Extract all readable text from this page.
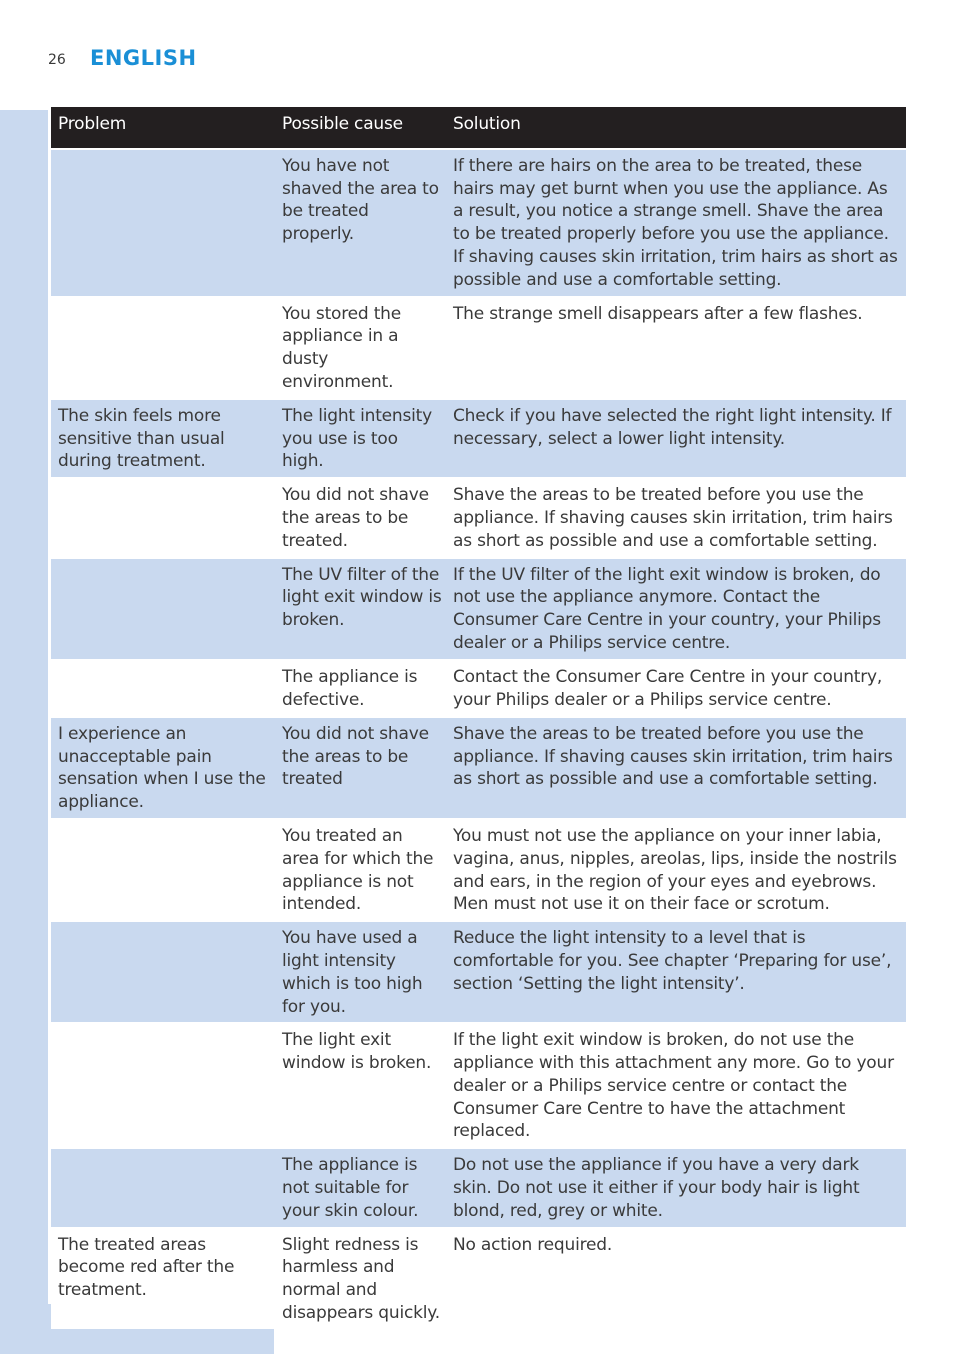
26 ENGLISH
Problem	Possible cause	Solution
	You have not shaved the area to be treated properly.	If there are hairs on the area to be treated, these hairs may get burnt when you use the appliance. As a result, you notice a strange smell. Shave the area to be treated properly before you use the appliance. If shaving causes skin irritation, trim hairs as short as possible and use a comfortable setting.
	You stored the appliance in a dusty environment.	The strange smell disappears after a few flashes.
The skin feels more sensitive than usual during treatment.	The light intensity you use is too high.	Check if you have selected the right light intensity. If necessary, select a lower light intensity.
	You did not shave the areas to be treated.	Shave the areas to be treated before you use the appliance. If shaving causes skin irritation, trim hairs as short as possible and use a comfortable setting.
	The UV filter of the light exit window is broken.	If the UV filter of the light exit window is broken, do not use the appliance anymore. Contact the Consumer Care Centre in your country, your Philips dealer or a Philips service centre.
	The appliance is defective.	Contact the Consumer Care Centre in your country, your Philips dealer or a Philips service centre.
I experience an unacceptable pain sensation when I use the appliance.	You did not shave the areas to be treated	Shave the areas to be treated before you use the appliance. If shaving causes skin irritation, trim hairs as short as possible and use a comfortable setting.
	You treated an area for which the appliance is not intended.	You must not use the appliance on your inner labia, vagina, anus, nipples, areolas, lips, inside the nostrils and ears, in the region of your eyes and eyebrows. Men must not use it on their face or scrotum.
	You have used a light intensity which is too high for you.	Reduce the light intensity to a level that is comfortable for you. See chapter ‘Preparing for use’, section ‘Setting the light intensity’.
	The light exit window is broken.	If the light exit window is broken, do not use the appliance with this attachment any more. Go to your dealer or a Philips service centre or contact the Consumer Care Centre to have the attachment replaced.
	The appliance is not suitable for your skin colour.	Do not use the appliance if you have a very dark skin. Do not use it either if your body hair is light blond, red, grey or white.
The treated areas become red after the treatment.	Slight redness is harmless and normal and disappears quickly.	No action required.
